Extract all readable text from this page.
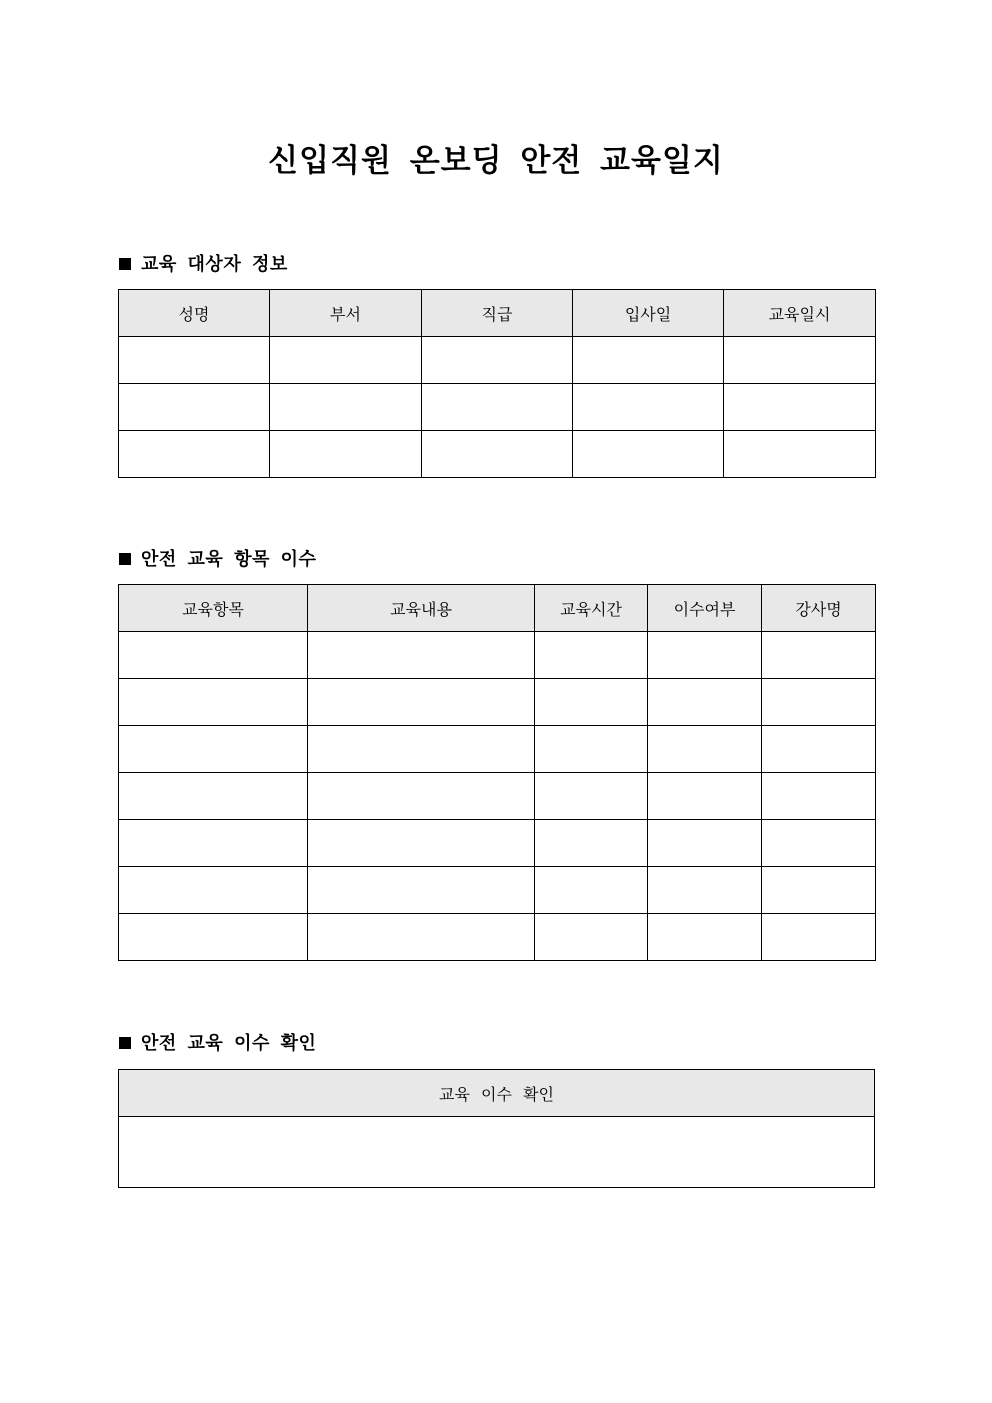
신입직원 온보딩 안전 교육일지
교육 대상자 정보
성명	부서	직급	입사일	교육일시

안전 교육 항목 이수
교육항목	교육내용	교육시간	이수여부	강사명

안전 교육 이수 확인
교육 이수 확인
